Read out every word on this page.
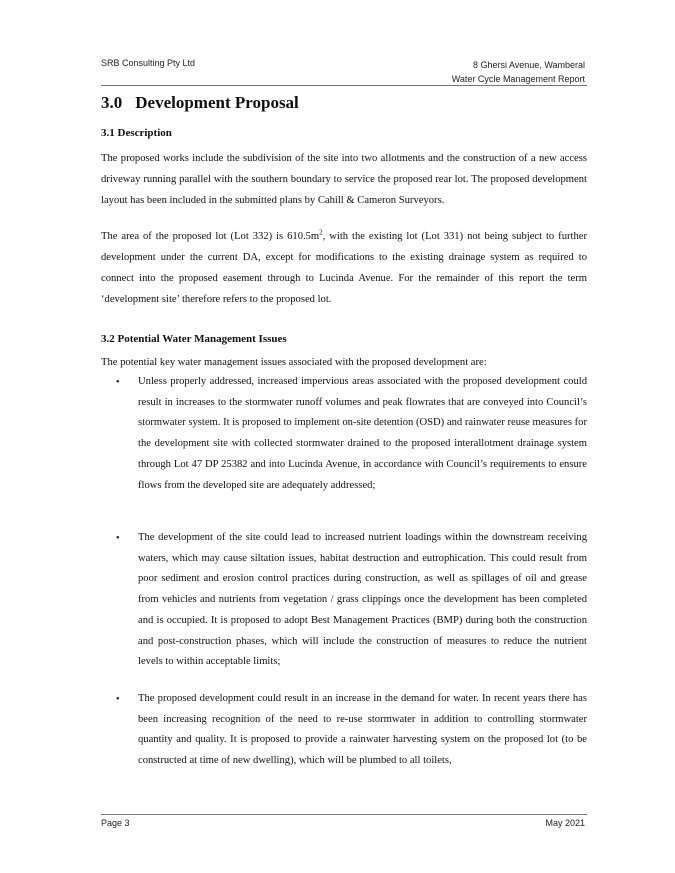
SRB Consulting Pty Ltd	8 Ghersi Avenue, Wamberal
Water Cycle Management Report
3.0 Development Proposal
3.1 Description
The proposed works include the subdivision of the site into two allotments and the construction of a new access driveway running parallel with the southern boundary to service the proposed rear lot. The proposed development layout has been included in the submitted plans by Cahill & Cameron Surveyors.
The area of the proposed lot (Lot 332) is $610.5m^2$, with the existing lot (Lot 331) not being subject to further development under the current DA, except for modifications to the existing drainage system as required to connect into the proposed easement through to Lucinda Avenue. For the remainder of this report the term ‘development site’ therefore refers to the proposed lot.
3.2 Potential Water Management Issues
The potential key water management issues associated with the proposed development are:
• Unless properly addressed, increased impervious areas associated with the proposed development could result in increases to the stormwater runoff volumes and peak flowrates that are conveyed into Council’s stormwater system. It is proposed to implement on-site detention (OSD) and rainwater reuse measures for the development site with collected stormwater drained to the proposed interallotment drainage system through Lot 47 DP 25382 and into Lucinda Avenue, in accordance with Council’s requirements to ensure flows from the developed site are adequately addressed;
• The development of the site could lead to increased nutrient loadings within the downstream receiving waters, which may cause siltation issues, habitat destruction and eutrophication. This could result from poor sediment and erosion control practices during construction, as well as spillages of oil and grease from vehicles and nutrients from vegetation / grass clippings once the development has been completed and is occupied. It is proposed to adopt Best Management Practices (BMP) during both the construction and post-construction phases, which will include the construction of measures to reduce the nutrient levels to within acceptable limits;
• The proposed development could result in an increase in the demand for water. In recent years there has been increasing recognition of the need to re-use stormwater in addition to controlling stormwater quantity and quality. It is proposed to provide a rainwater harvesting system on the proposed lot (to be constructed at time of new dwelling), which will be plumbed to all toilets,
Page 3	May 2021
